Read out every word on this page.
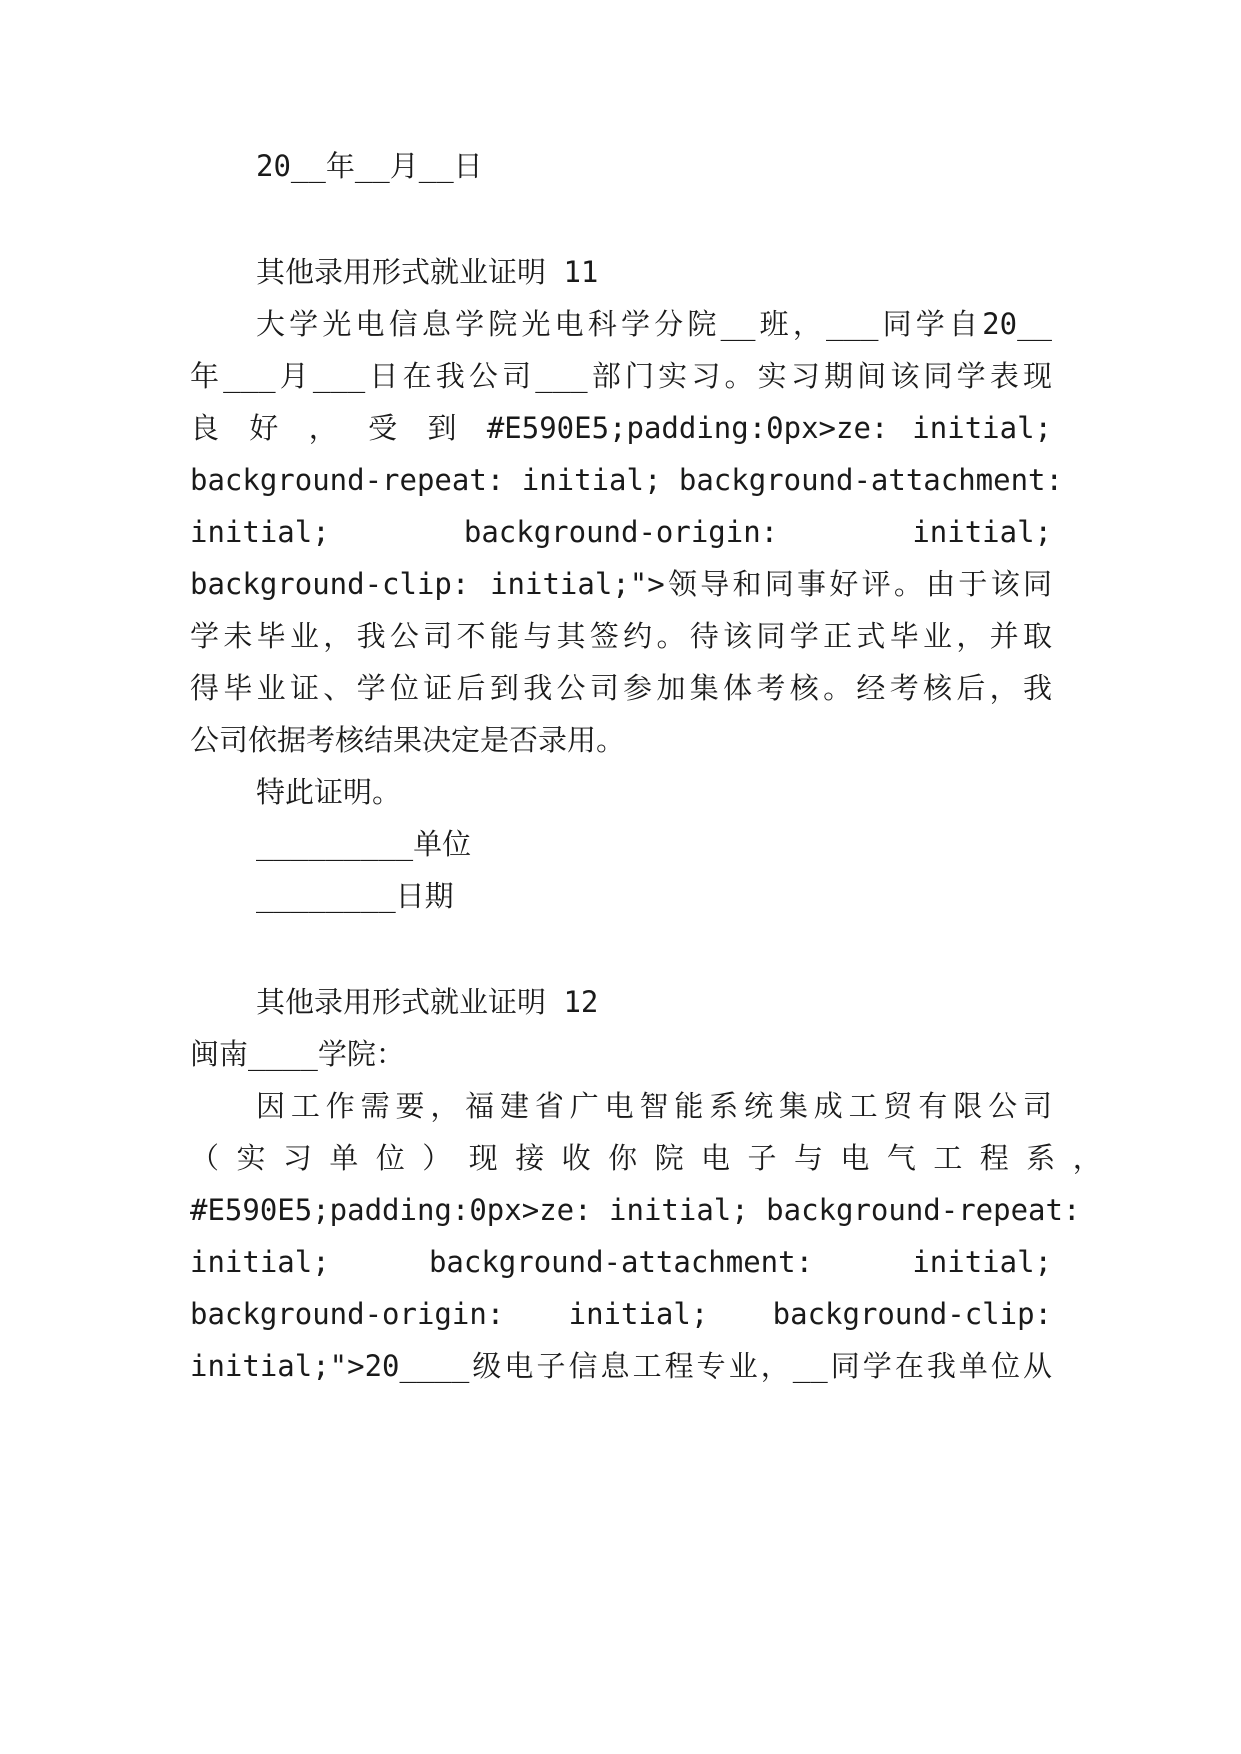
20__年__月__日
其他录用形式就业证明 11
大学光电信息学院光电科学分院__班，___同学自20__
年___月___日在我公司___部门实习。实习期间该同学表现
良 好 ， 受 到 #E590E5;padding:0px>ze: initial;
background-repeat: initial; background-attachment:
initial; background-origin: initial;
background-clip: initial;">领导和同事好评。由于该同
学未毕业，我公司不能与其签约。待该同学正式毕业，并取
得毕业证、学位证后到我公司参加集体考核。经考核后，我
公司依据考核结果决定是否录用。
特此证明。
_________单位
________日期
其他录用形式就业证明 12
闽南____学院：
因工作需要，福建省广电智能系统集成工贸有限公司
（ 实 习 单 位 ） 现 接 收 你 院 电 子 与 电 气 工 程 系 ，
#E590E5;padding:0px>ze: initial; background-repeat:
initial; background-attachment: initial;
background-origin: initial; background-clip:
initial;">20____级电子信息工程专业，__同学在我单位从
